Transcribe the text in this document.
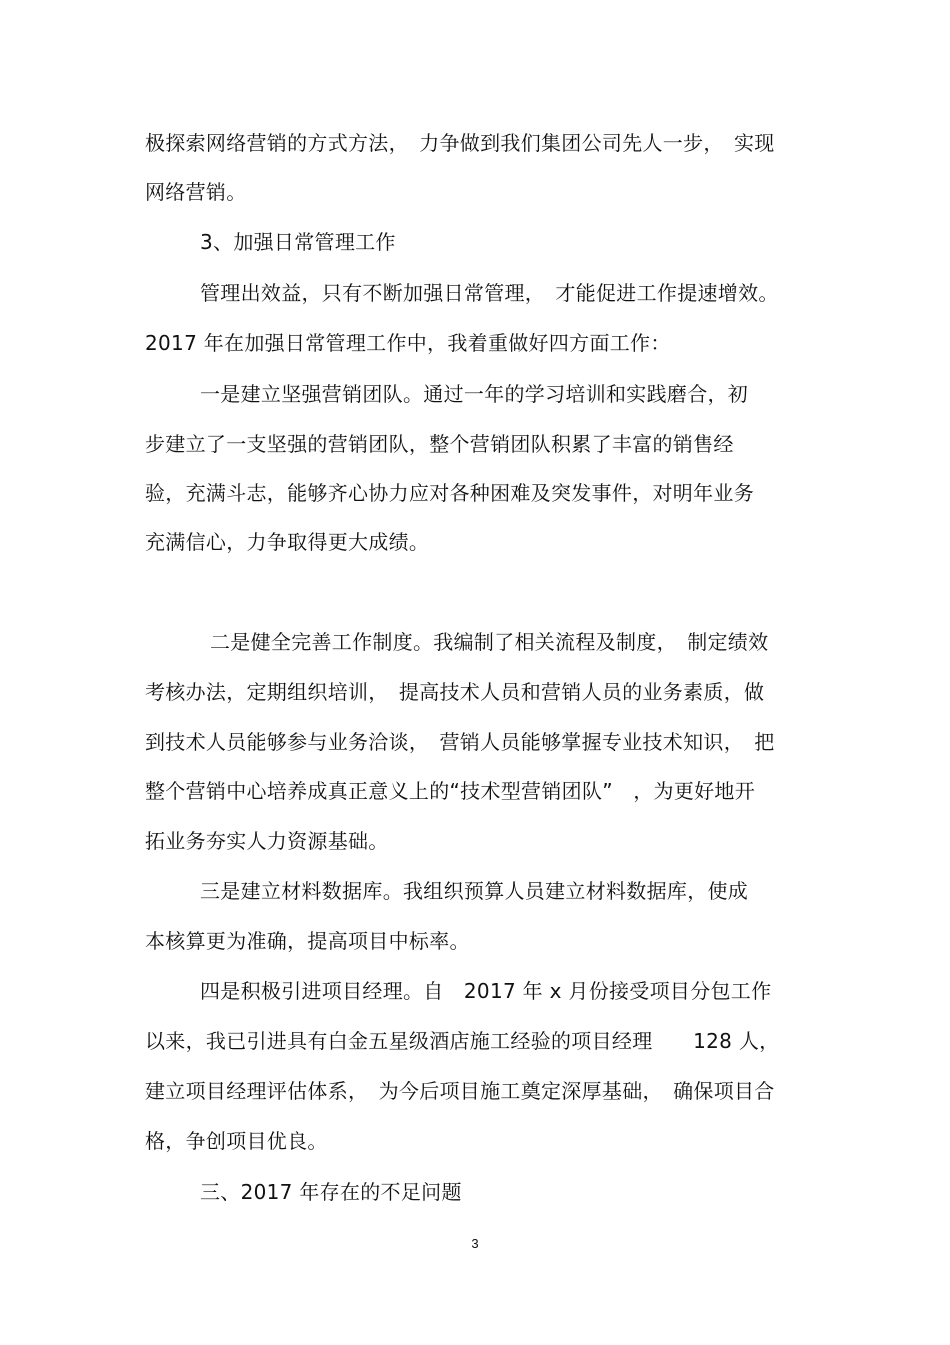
极探索网络营销的方式方法，　力争做到我们集团公司先人一步，　实现
网络营销。
3、加强日常管理工作
管理出效益，只有不断加强日常管理，　才能促进工作提速增效。
2017 年在加强日常管理工作中，我着重做好四方面工作：
一是建立坚强营销团队。通过一年的学习培训和实践磨合，初
步建立了一支坚强的营销团队，整个营销团队积累了丰富的销售经
验，充满斗志，能够齐心协力应对各种困难及突发事件，对明年业务
充满信心，力争取得更大成绩。
二是健全完善工作制度。我编制了相关流程及制度，　制定绩效
考核办法，定期组织培训，　提高技术人员和营销人员的业务素质，做
到技术人员能够参与业务洽谈，　营销人员能够掌握专业技术知识，　把
整个营销中心培养成真正意义上的“技术型营销团队”　，为更好地开
拓业务夯实人力资源基础。
三是建立材料数据库。我组织预算人员建立材料数据库，使成
本核算更为准确，提高项目中标率。
四是积极引进项目经理。自　2017 年 x 月份接受项目分包工作
以来，我已引进具有白金五星级酒店施工经验的项目经理　　128 人，
建立项目经理评估体系，　为今后项目施工奠定深厚基础，　确保项目合
格，争创项目优良。
三、2017 年存在的不足问题
3
